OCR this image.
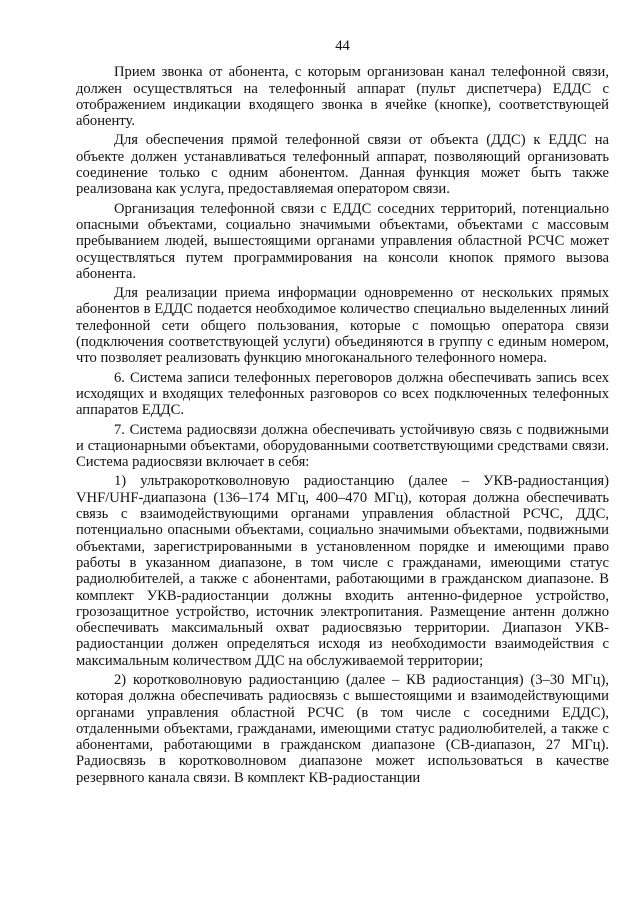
44

Прием звонка от абонента, с которым организован канал телефонной связи, должен осуществляться на телефонный аппарат (пульт диспетчера) ЕДДС с отображением индикации входящего звонка в ячейке (кнопке), соответствующей абоненту.

Для обеспечения прямой телефонной связи от объекта (ДДС) к ЕДДС на объекте должен устанавливаться телефонный аппарат, позволяющий организовать соединение только с одним абонентом. Данная функция может быть также реализована как услуга, предоставляемая оператором связи.

Организация телефонной связи с ЕДДС соседних территорий, потенциально опасными объектами, социально значимыми объектами, объектами с массовым пребыванием людей, вышестоящими органами управления областной РСЧС может осуществляться путем программирования на консоли кнопок прямого вызова абонента.

Для реализации приема информации одновременно от нескольких прямых абонентов в ЕДДС подается необходимое количество специально выделенных линий телефонной сети общего пользования, которые с помощью оператора связи (подключения соответствующей услуги) объединяются в группу с единым номером, что позволяет реализовать функцию многоканального телефонного номера.

6. Система записи телефонных переговоров должна обеспечивать запись всех исходящих и входящих телефонных разговоров со всех подключенных телефонных аппаратов ЕДДС.

7. Система радиосвязи должна обеспечивать устойчивую связь с подвижными и стационарными объектами, оборудованными соответствующими средствами связи. Система радиосвязи включает в себя:

1) ультракоротковолновую радиостанцию (далее – УКВ-радиостанция) VHF/UHF-диапазона (136–174 МГц, 400–470 МГц), которая должна обеспечивать связь с взаимодействующими органами управления областной РСЧС, ДДС, потенциально опасными объектами, социально значимыми объектами, подвижными объектами, зарегистрированными в установленном порядке и имеющими право работы в указанном диапазоне, в том числе с гражданами, имеющими статус радиолюбителей, а также с абонентами, работающими в гражданском диапазоне. В комплект УКВ-радиостанции должны входить антенно-фидерное устройство, грозозащитное устройство, источник электропитания. Размещение антенн должно обеспечивать максимальный охват радиосвязью территории. Диапазон УКВ-радиостанции должен определяться исходя из необходимости взаимодействия с максимальным количеством ДДС на обслуживаемой территории;

2) коротковолновую радиостанцию (далее – КВ радиостанция) (3–30 МГц), которая должна обеспечивать радиосвязь с вышестоящими и взаимодействующими органами управления областной РСЧС (в том числе с соседними ЕДДС), отдаленными объектами, гражданами, имеющими статус радиолюбителей, а также с абонентами, работающими в гражданском диапазоне (СВ-диапазон, 27 МГц). Радиосвязь в коротковолновом диапазоне может использоваться в качестве резервного канала связи. В комплект КВ-радиостанции
